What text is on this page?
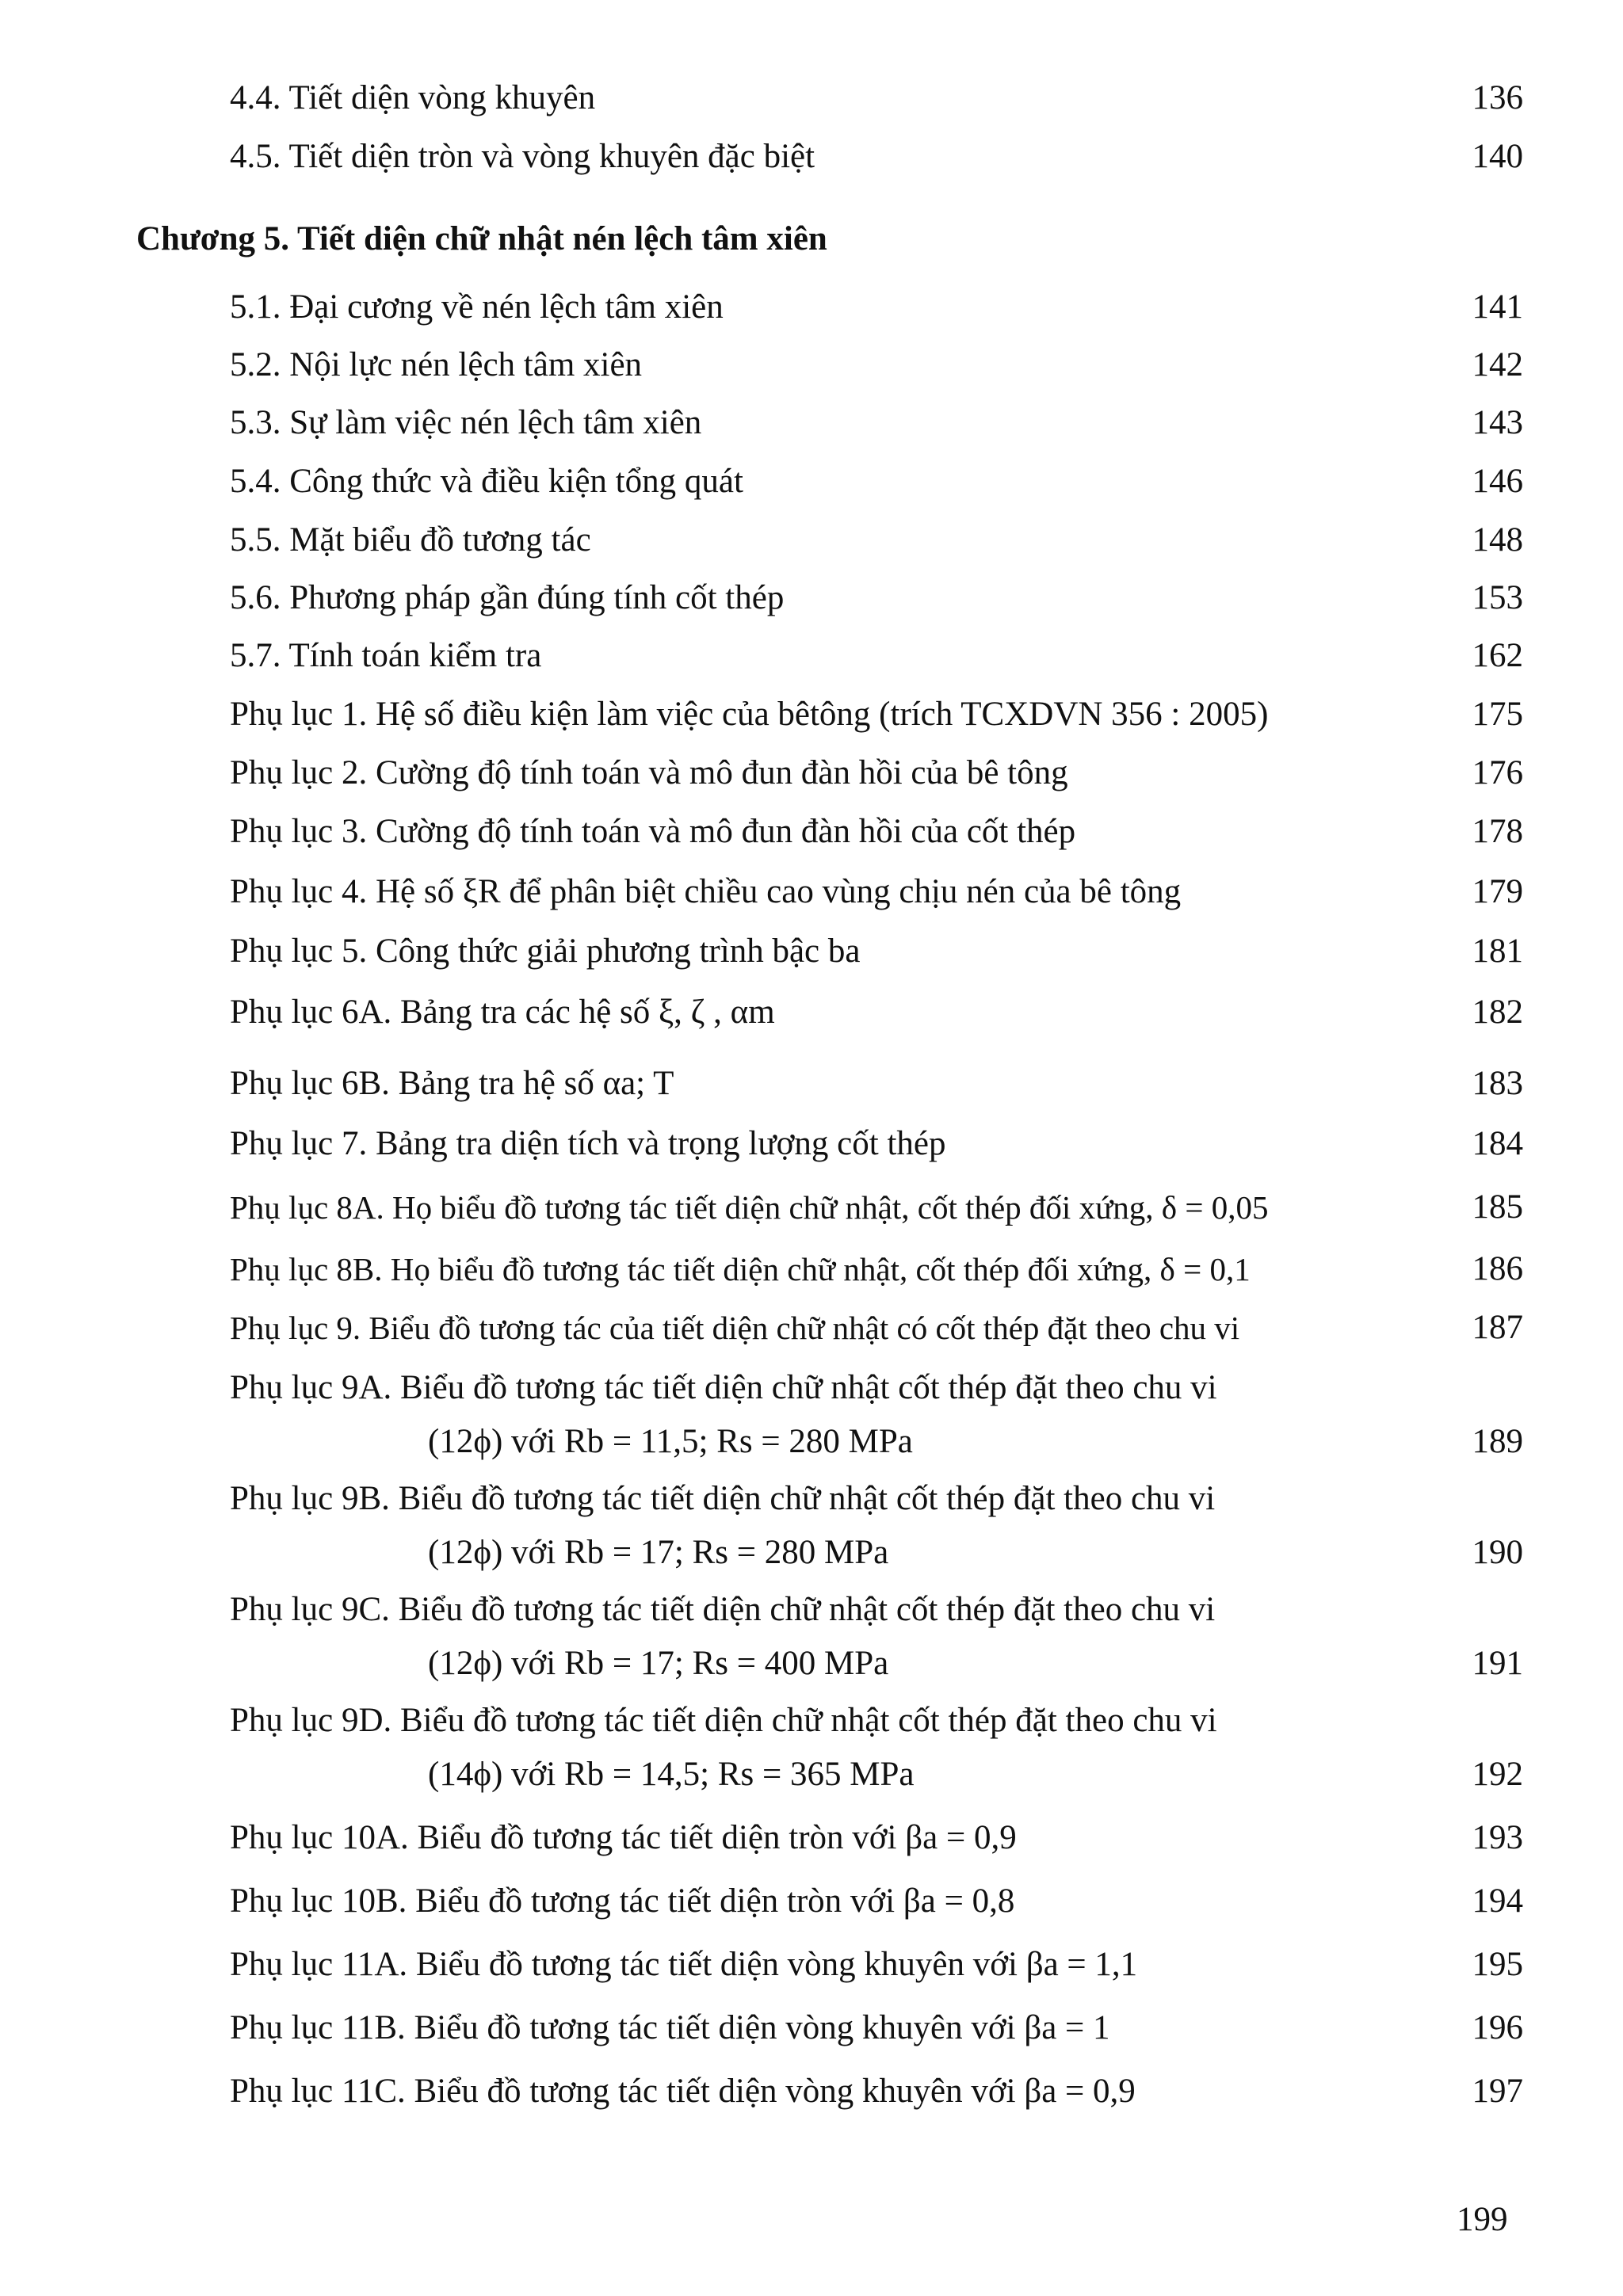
4.4. Tiết diện vòng khuyên	136
4.5. Tiết diện tròn và vòng khuyên đặc biệt	140
Chương 5. Tiết diện chữ nhật nén lệch tâm xiên
5.1. Đại cương về nén lệch tâm xiên	141
5.2. Nội lực nén lệch tâm xiên	142
5.3. Sự làm việc nén lệch tâm xiên	143
5.4. Công thức và điều kiện tổng quát	146
5.5. Mặt biểu đồ tương tác	148
5.6. Phương pháp gần đúng tính cốt thép	153
5.7. Tính toán kiểm tra	162
Phụ lục 1. Hệ số điều kiện làm việc của bêtông (trích TCXDVN 356 : 2005)	175
Phụ lục 2. Cường độ tính toán và mô đun đàn hồi của bê tông	176
Phụ lục 3. Cường độ tính toán và mô đun đàn hồi của cốt thép	178
Phụ lục 4. Hệ số ξR để phân biệt chiều cao vùng chịu nén của bê tông	179
Phụ lục 5. Công thức giải phương trình bậc ba	181
Phụ lục 6A. Bảng tra các hệ số ξ, ζ , αm	182
Phụ lục 6B. Bảng tra hệ số αa; T	183
Phụ lục 7. Bảng tra diện tích và trọng lượng cốt thép	184
Phụ lục 8A. Họ biểu đồ tương tác tiết diện chữ nhật, cốt thép đối xứng, δ = 0,05	185
Phụ lục 8B. Họ biểu đồ tương tác tiết diện chữ nhật, cốt thép đối xứng, δ = 0,1	186
Phụ lục 9. Biểu đồ tương tác của tiết diện chữ nhật có cốt thép đặt theo chu vi	187
Phụ lục 9A. Biểu đồ tương tác tiết diện chữ nhật cốt thép đặt theo chu vi
(12ϕ) với Rb = 11,5; Rs = 280 MPa	189
Phụ lục 9B. Biểu đồ tương tác tiết diện chữ nhật cốt thép đặt theo chu vi
(12ϕ) với Rb = 17; Rs = 280 MPa	190
Phụ lục 9C. Biểu đồ tương tác tiết diện chữ nhật cốt thép đặt theo chu vi
(12ϕ) với Rb = 17; Rs = 400 MPa	191
Phụ lục 9D. Biểu đồ tương tác tiết diện chữ nhật cốt thép đặt theo chu vi
(14ϕ) với Rb = 14,5; Rs = 365 MPa	192
Phụ lục 10A. Biểu đồ tương tác tiết diện tròn với βa = 0,9	193
Phụ lục 10B. Biểu đồ tương tác tiết diện tròn với βa = 0,8	194
Phụ lục 11A. Biểu đồ tương tác tiết diện vòng khuyên với βa = 1,1	195
Phụ lục 11B. Biểu đồ tương tác tiết diện vòng khuyên với βa = 1	196
Phụ lục 11C. Biểu đồ tương tác tiết diện vòng khuyên với βa = 0,9	197
199
